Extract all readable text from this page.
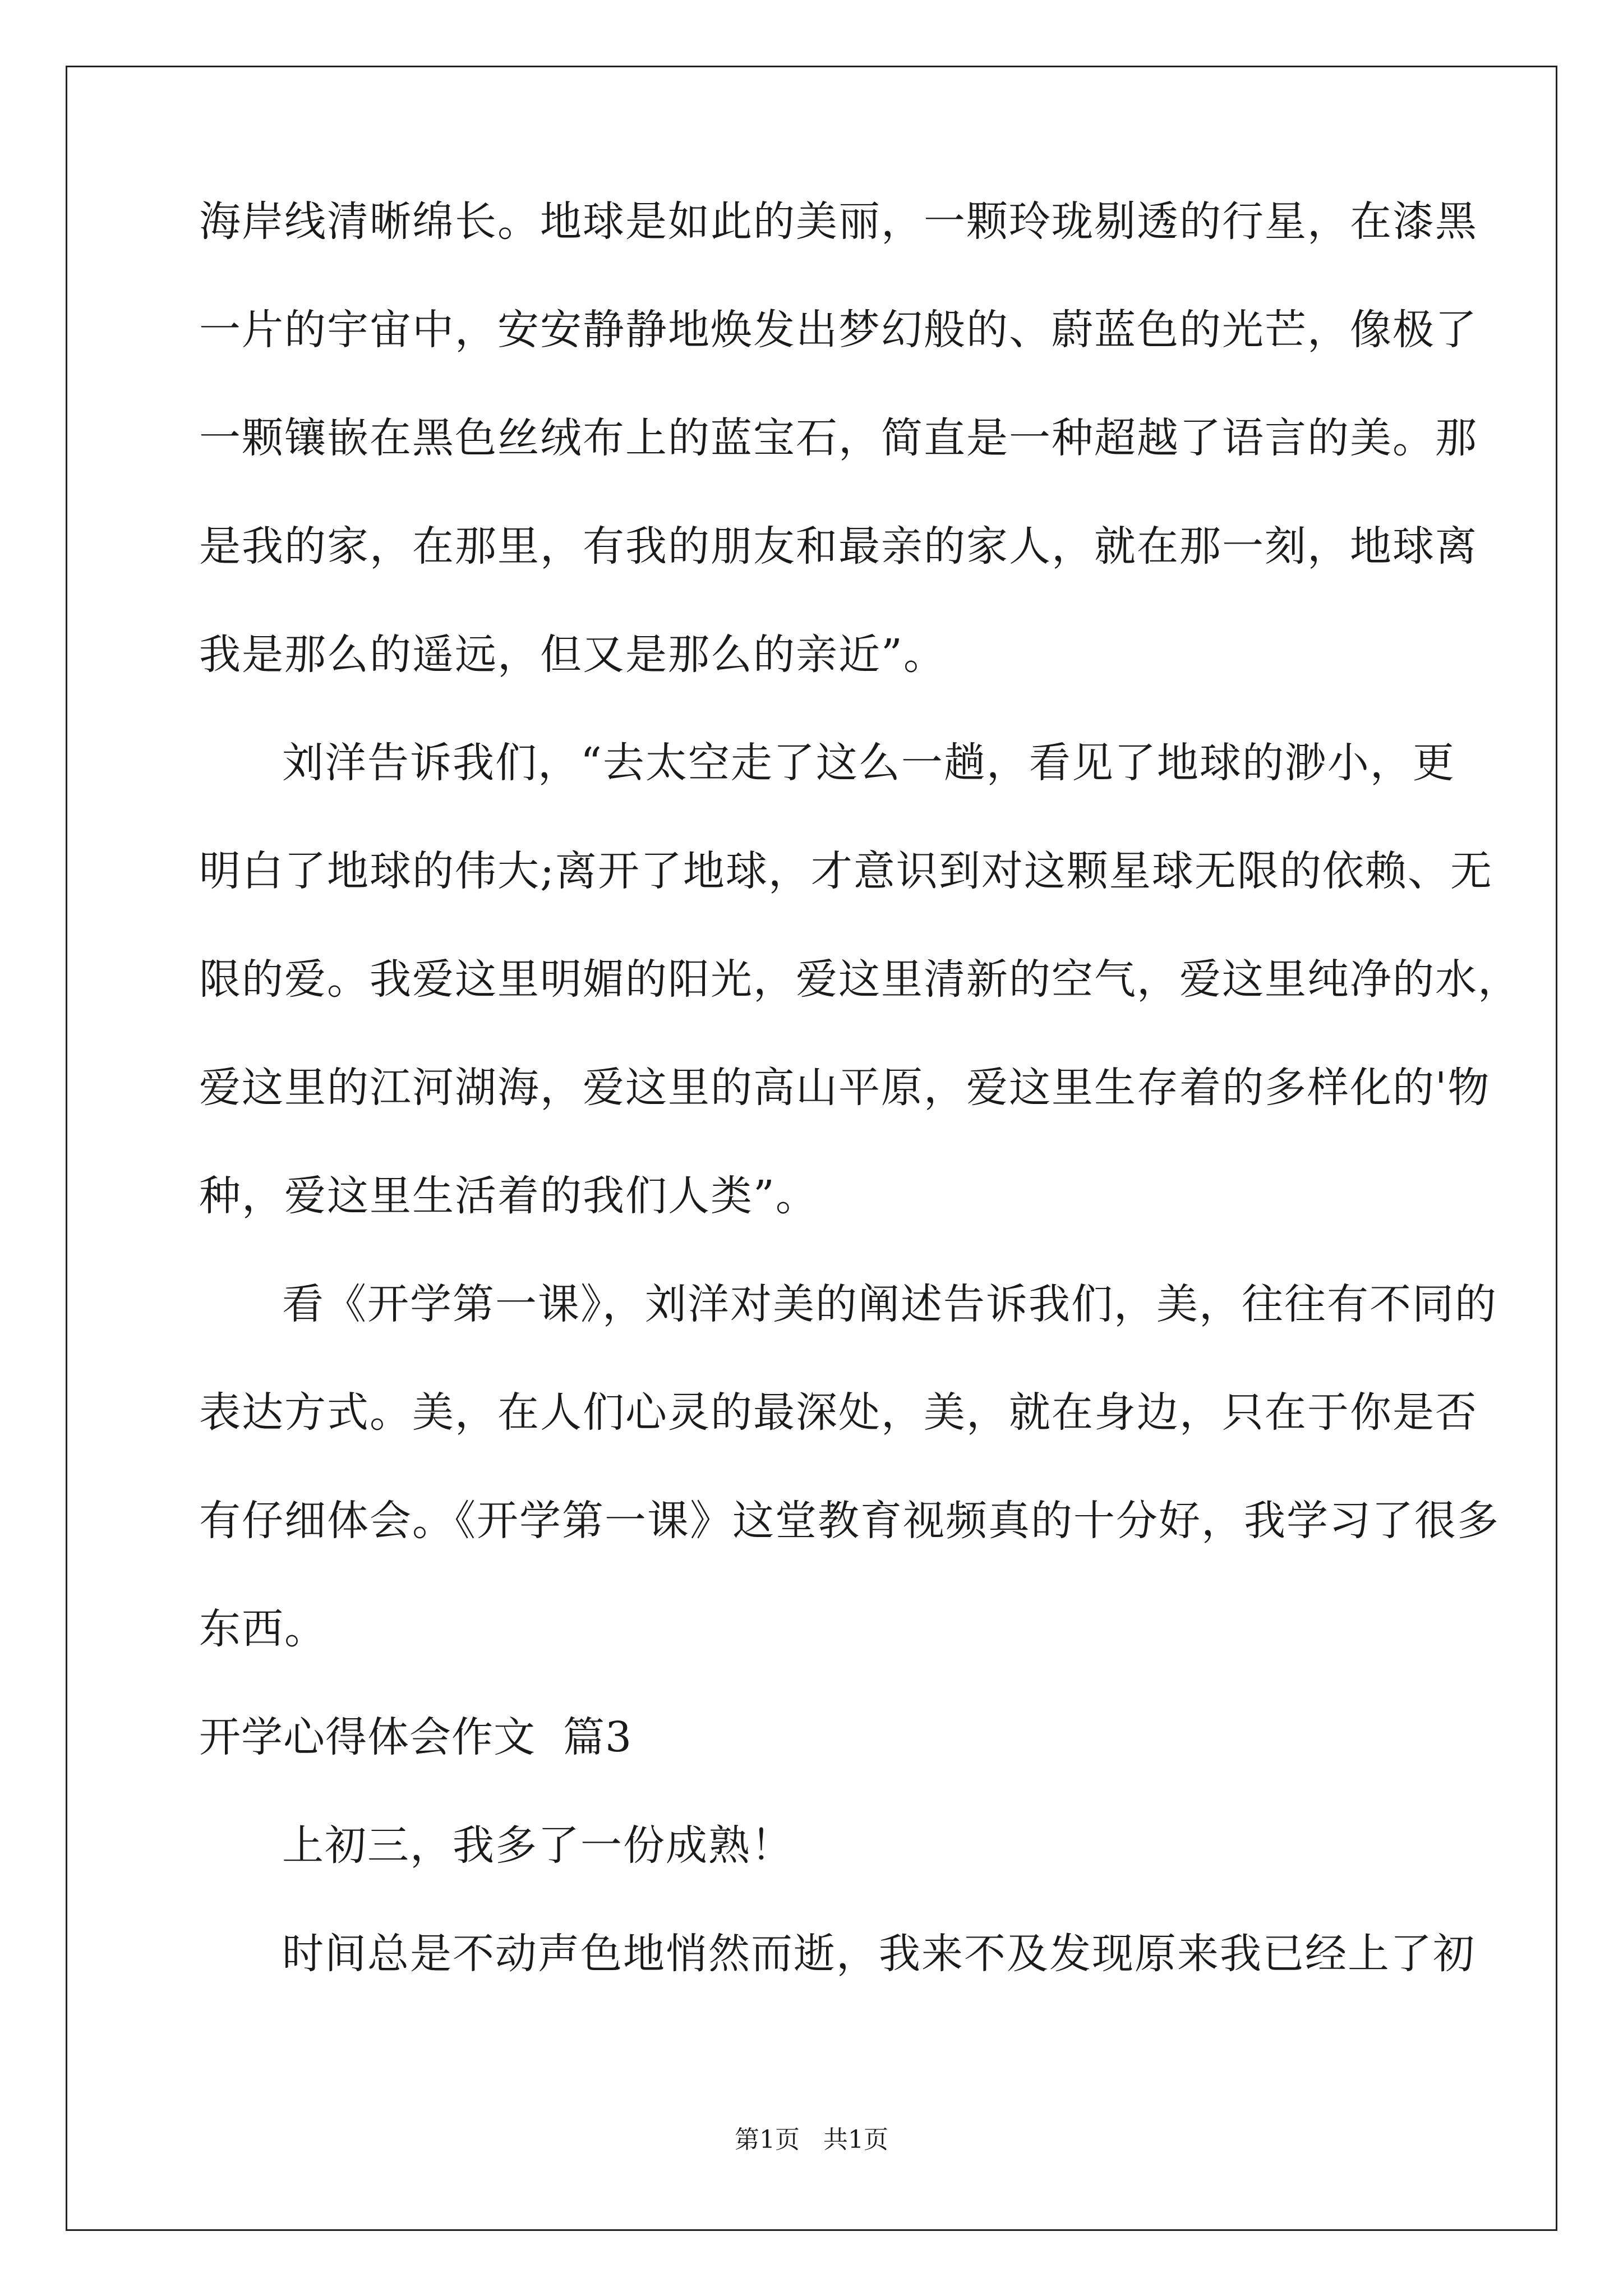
海岸线清晰绵长。地球是如此的美丽，一颗玲珑剔透的行星，在漆黑
一片的宇宙中，安安静静地焕发出梦幻般的、蔚蓝色的光芒，像极了
一颗镶嵌在黑色丝绒布上的蓝宝石，简直是一种超越了语言的美。那
是我的家，在那里，有我的朋友和最亲的家人，就在那一刻，地球离
我是那么的遥远，但又是那么的亲近”。
刘洋告诉我们，“去太空走了这么一趟，看见了地球的渺小，更
明白了地球的伟大;离开了地球，才意识到对这颗星球无限的依赖、无
限的爱。我爱这里明媚的阳光，爱这里清新的空气，爱这里纯净的水，
爱这里的江河湖海，爱这里的高山平原，爱这里生存着的多样化的'物
种，爱这里生活着的我们人类”。
看《开学第一课》，刘洋对美的阐述告诉我们，美，往往有不同的
表达方式。美，在人们心灵的最深处，美，就在身边，只在于你是否
有仔细体会。《开学第一课》这堂教育视频真的十分好，我学习了很多
东西。
开学心得体会作文  篇3
上初三，我多了一份成熟！
时间总是不动声色地悄然而逝，我来不及发现原来我已经上了初
第1页   共1页
